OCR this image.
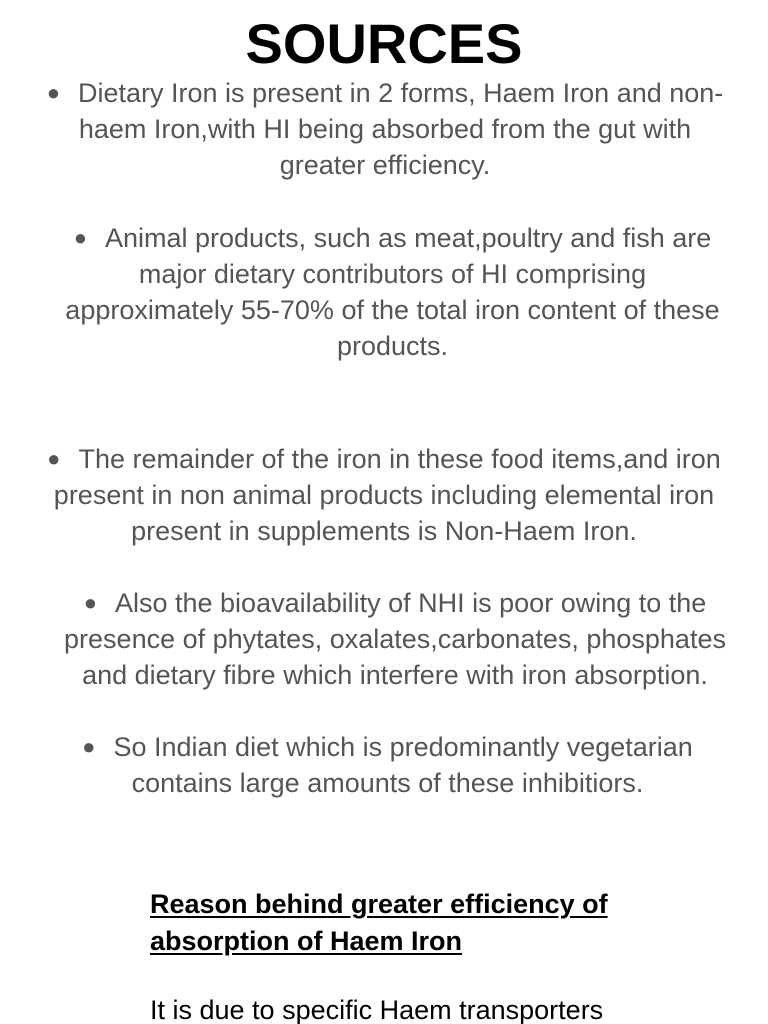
SOURCES

● Dietary Iron is present in 2 forms, Haem Iron and non-haem Iron,with HI being absorbed from the gut with greater efficiency.

● Animal products, such as meat,poultry and fish are major dietary contributors of HI comprising approximately 55-70% of the total iron content of these products.

● The remainder of the iron in these food items,and iron present in non animal products including elemental iron present in supplements is Non-Haem Iron.

● Also the bioavailability of NHI is poor owing to the presence of phytates, oxalates,carbonates, phosphates and dietary fibre which interfere with iron absorption.

● So Indian diet which is predominantly vegetarian contains large amounts of these inhibitiors.

Reason behind greater efficiency of absorption of Haem Iron

It is due to specific Haem transporters
